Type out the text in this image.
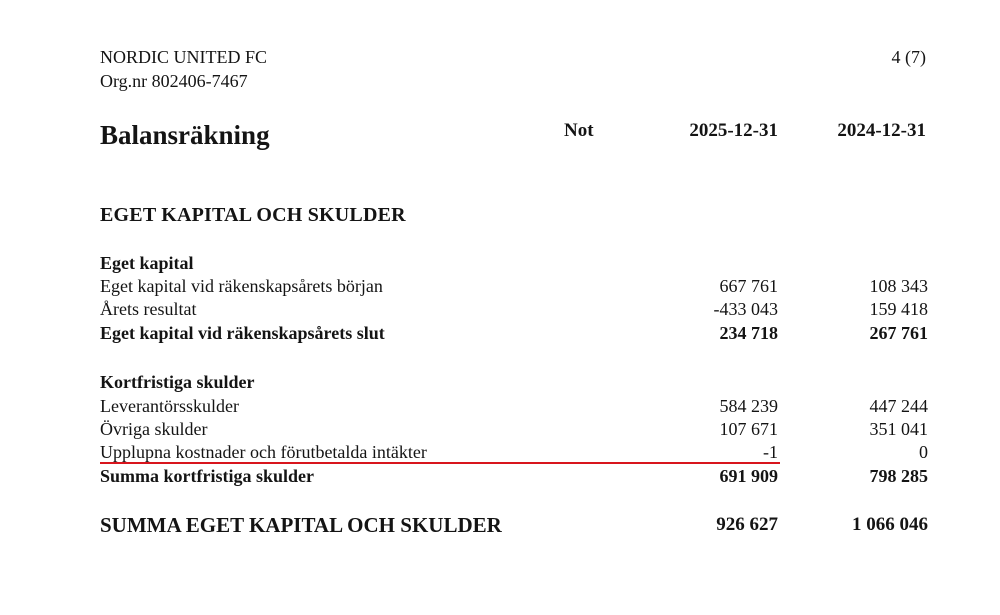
NORDIC UNITED FC
Org.nr 802406-7467
4 (7)
Balansräkning	Not	2025-12-31	2024-12-31
EGET KAPITAL OCH SKULDER
Eget kapital
Eget kapital vid räkenskapsårets början	667 761	108 343
Årets resultat	-433 043	159 418
Eget kapital vid räkenskapsårets slut	234 718	267 761
Kortfristiga skulder
Leverantörsskulder	584 239	447 244
Övriga skulder	107 671	351 041
Upplupna kostnader och förutbetalda intäkter	-1	0
Summa kortfristiga skulder	691 909	798 285
SUMMA EGET KAPITAL OCH SKULDER	926 627	1 066 046
